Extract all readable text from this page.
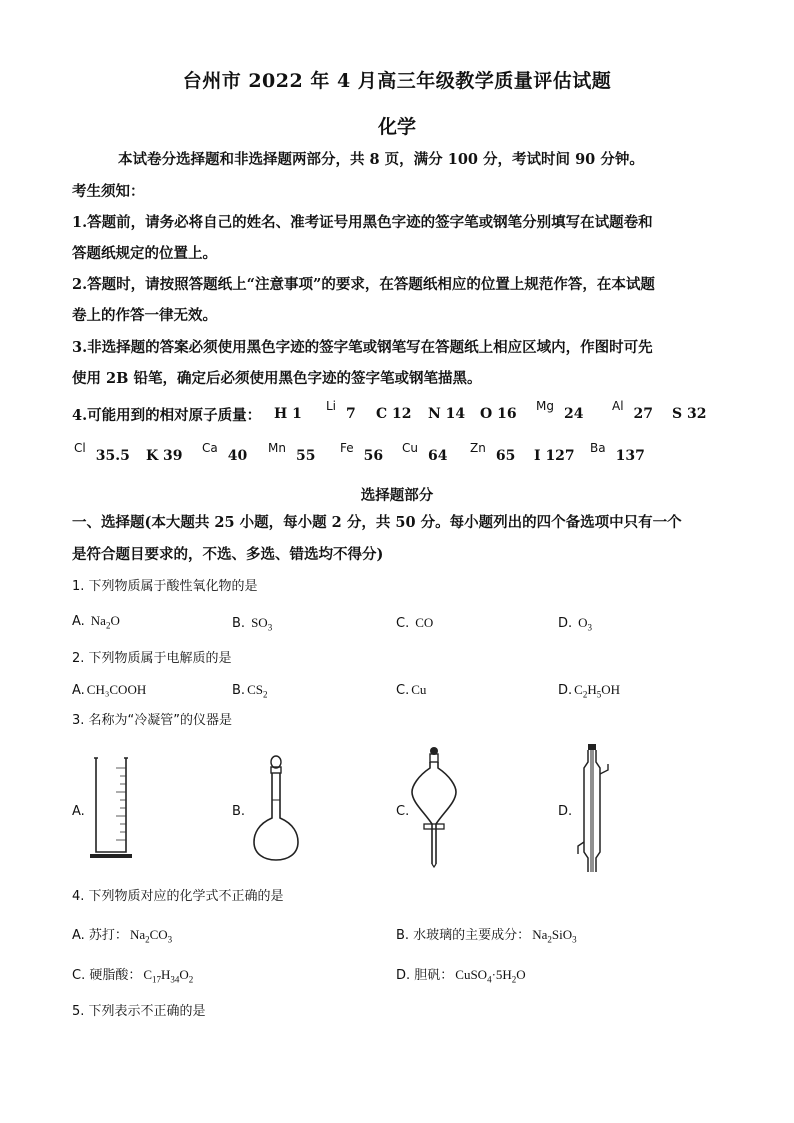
台州市 2022 年 4 月高三年级教学质量评估试题
化学
本试卷分选择题和非选择题两部分，共 8 页，满分 100 分，考试时间 90 分钟。
考生须知：
1.答题前，请务必将自己的姓名、准考证号用黑色字迹的签字笔或钢笔分别填写在试题卷和
答题纸规定的位置上。
2.答题时，请按照答题纸上“注意事项”的要求，在答题纸相应的位置上规范作答，在本试题
卷上的作答一律无效。
3.非选择题的答案必须使用黑色字迹的签字笔或钢笔写在答题纸上相应区域内，作图时可先
使用 2B 铅笔，确定后必须使用黑色字迹的签字笔或钢笔描黑。
4.可能用到的相对原子质量： H 1 Li 7 C 12 N 14 O 16 Mg 24 Al 27 S 32
Cl 35.5 K 39 Ca 40 Mn 55 Fe 56 Cu 64 Zn 65 I 127 Ba 137
选择题部分
一、选择题(本大题共 25 小题，每小题 2 分，共 50 分。每小题列出的四个备选项中只有一个
是符合题目要求的，不选、多选、错选均不得分)
1. 下列物质属于酸性氧化物的是
A. $Na_2O$	B. $SO_3$	C. CO	D. $O_3$
2. 下列物质属于电解质的是
A. CH₃COOH	B. $CS_2$	C. Cu	D. $C_2H_5OH$
3. 名称为“冷凝管”的仪器是
A.	B.	C.	D.
4. 下列物质对应的化学式不正确的是
A. 苏打： $Na_2CO_3$	B. 水玻璃的主要成分： $Na_2SiO_3$
C. 硬脂酸： $C_{17}H_{34}O_2$	D. 胆矾： $CuSO_4\cdot 5H_2O$
5. 下列表示不正确的是
